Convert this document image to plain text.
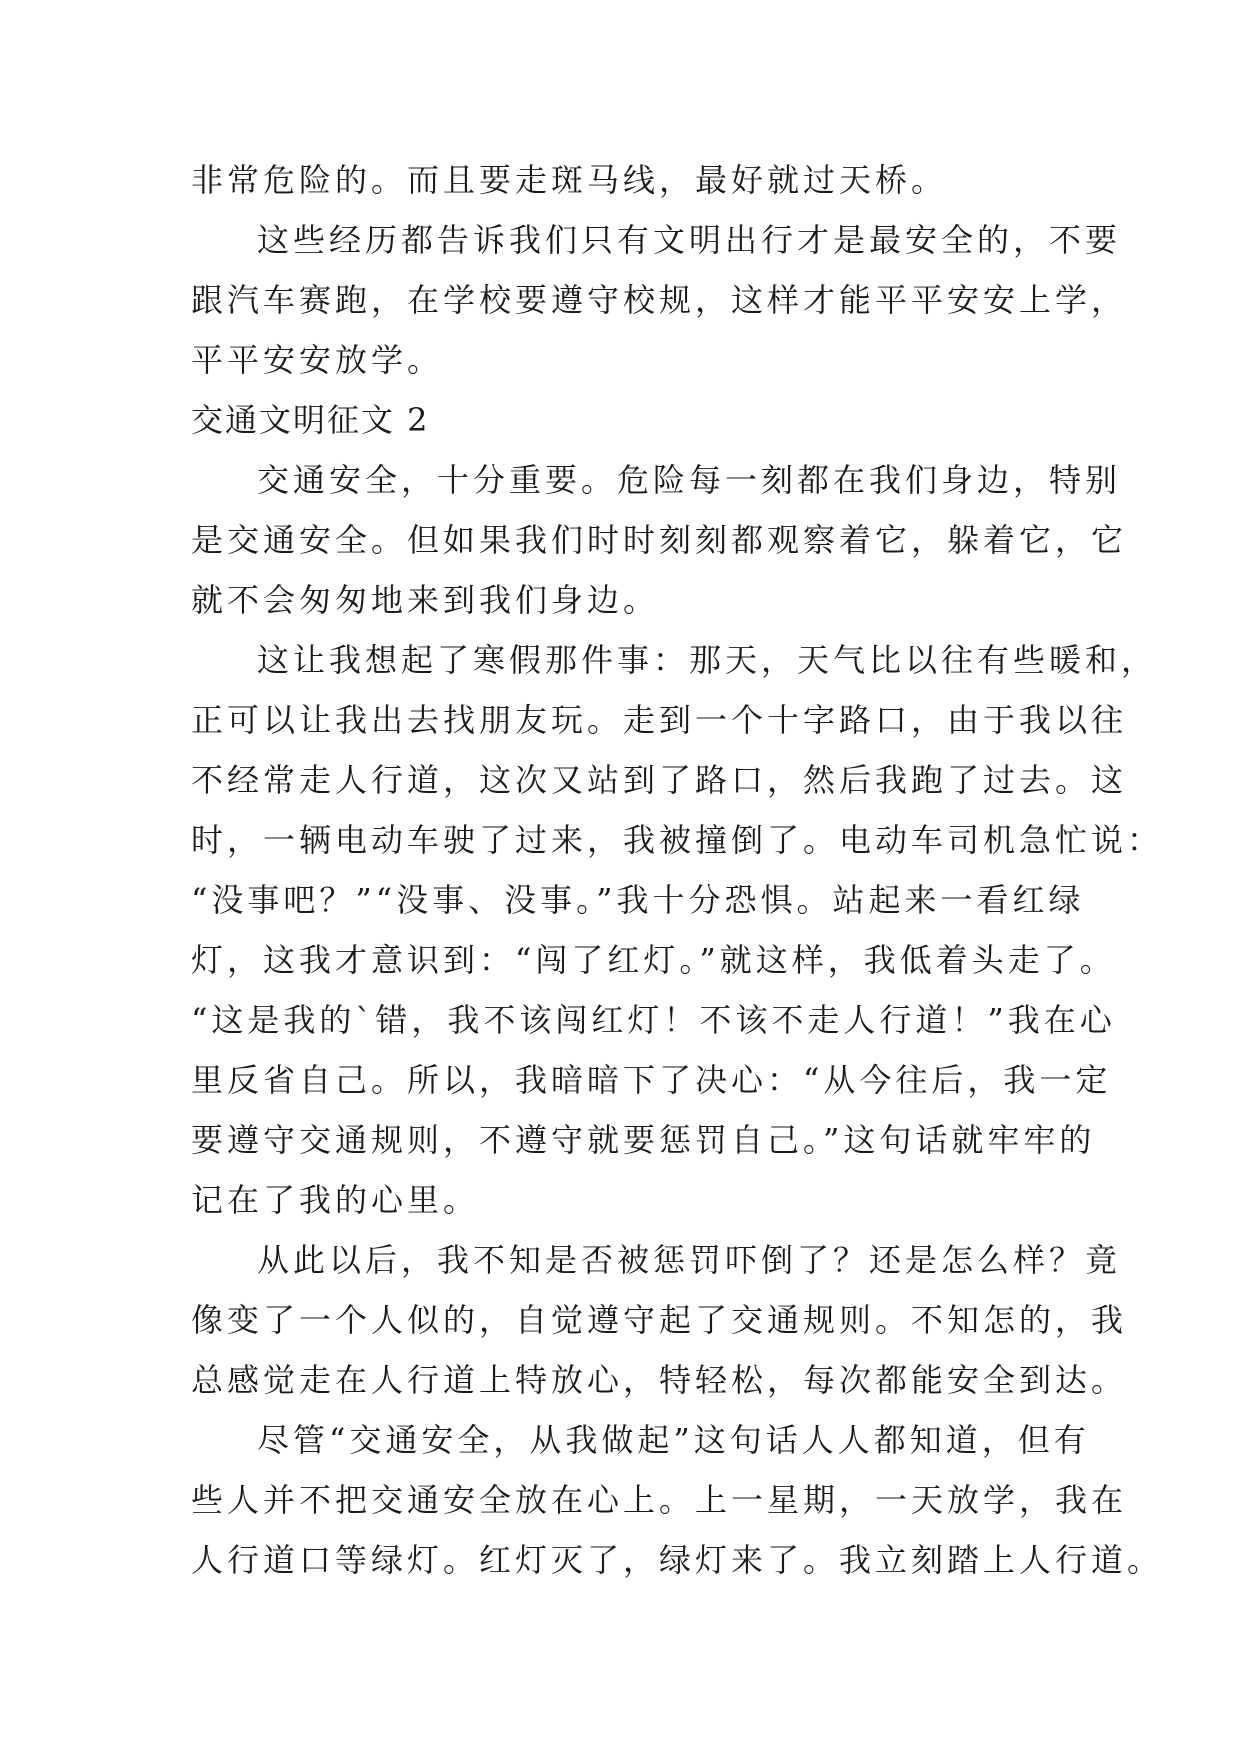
非常危险的。而且要走斑马线，最好就过天桥。
这些经历都告诉我们只有文明出行才是最安全的，不要
跟汽车赛跑，在学校要遵守校规，这样才能平平安安上学，
平平安安放学。
交通文明征文 2
交通安全，十分重要。危险每一刻都在我们身边，特别
是交通安全。但如果我们时时刻刻都观察着它，躲着它，它
就不会匆匆地来到我们身边。
这让我想起了寒假那件事：那天，天气比以往有些暖和，
正可以让我出去找朋友玩。走到一个十字路口，由于我以往
不经常走人行道，这次又站到了路口，然后我跑了过去。这
时，一辆电动车驶了过来，我被撞倒了。电动车司机急忙说：
“没事吧？”“没事、没事。”我十分恐惧。站起来一看红绿
灯，这我才意识到：“闯了红灯。”就这样，我低着头走了。
“这是我的`错，我不该闯红灯！不该不走人行道！”我在心
里反省自己。所以，我暗暗下了决心：“从今往后，我一定
要遵守交通规则，不遵守就要惩罚自己。”这句话就牢牢的
记在了我的心里。
从此以后，我不知是否被惩罚吓倒了？还是怎么样？竟
像变了一个人似的，自觉遵守起了交通规则。不知怎的，我
总感觉走在人行道上特放心，特轻松，每次都能安全到达。
尽管“交通安全，从我做起”这句话人人都知道，但有
些人并不把交通安全放在心上。上一星期，一天放学，我在
人行道口等绿灯。红灯灭了，绿灯来了。我立刻踏上人行道。
